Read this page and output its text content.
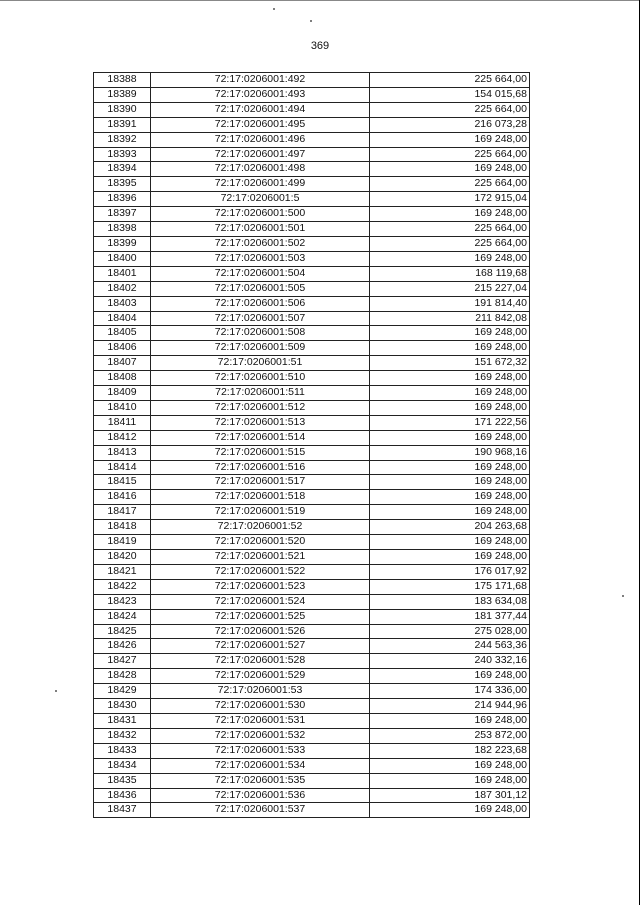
369
18388	72:17:0206001:492	225 664,00
18389	72:17:0206001:493	154 015,68
18390	72:17:0206001:494	225 664,00
18391	72:17:0206001:495	216 073,28
18392	72:17:0206001:496	169 248,00
18393	72:17:0206001:497	225 664,00
18394	72:17:0206001:498	169 248,00
18395	72:17:0206001:499	225 664,00
18396	72:17:0206001:5	172 915,04
18397	72:17:0206001:500	169 248,00
18398	72:17:0206001:501	225 664,00
18399	72:17:0206001:502	225 664,00
18400	72:17:0206001:503	169 248,00
18401	72:17:0206001:504	168 119,68
18402	72:17:0206001:505	215 227,04
18403	72:17:0206001:506	191 814,40
18404	72:17:0206001:507	211 842,08
18405	72:17:0206001:508	169 248,00
18406	72:17:0206001:509	169 248,00
18407	72:17:0206001:51	151 672,32
18408	72:17:0206001:510	169 248,00
18409	72:17:0206001:511	169 248,00
18410	72:17:0206001:512	169 248,00
18411	72:17:0206001:513	171 222,56
18412	72:17:0206001:514	169 248,00
18413	72:17:0206001:515	190 968,16
18414	72:17:0206001:516	169 248,00
18415	72:17:0206001:517	169 248,00
18416	72:17:0206001:518	169 248,00
18417	72:17:0206001:519	169 248,00
18418	72:17:0206001:52	204 263,68
18419	72:17:0206001:520	169 248,00
18420	72:17:0206001:521	169 248,00
18421	72:17:0206001:522	176 017,92
18422	72:17:0206001:523	175 171,68
18423	72:17:0206001:524	183 634,08
18424	72:17:0206001:525	181 377,44
18425	72:17:0206001:526	275 028,00
18426	72:17:0206001:527	244 563,36
18427	72:17:0206001:528	240 332,16
18428	72:17:0206001:529	169 248,00
18429	72:17:0206001:53	174 336,00
18430	72:17:0206001:530	214 944,96
18431	72:17:0206001:531	169 248,00
18432	72:17:0206001:532	253 872,00
18433	72:17:0206001:533	182 223,68
18434	72:17:0206001:534	169 248,00
18435	72:17:0206001:535	169 248,00
18436	72:17:0206001:536	187 301,12
18437	72:17:0206001:537	169 248,00
